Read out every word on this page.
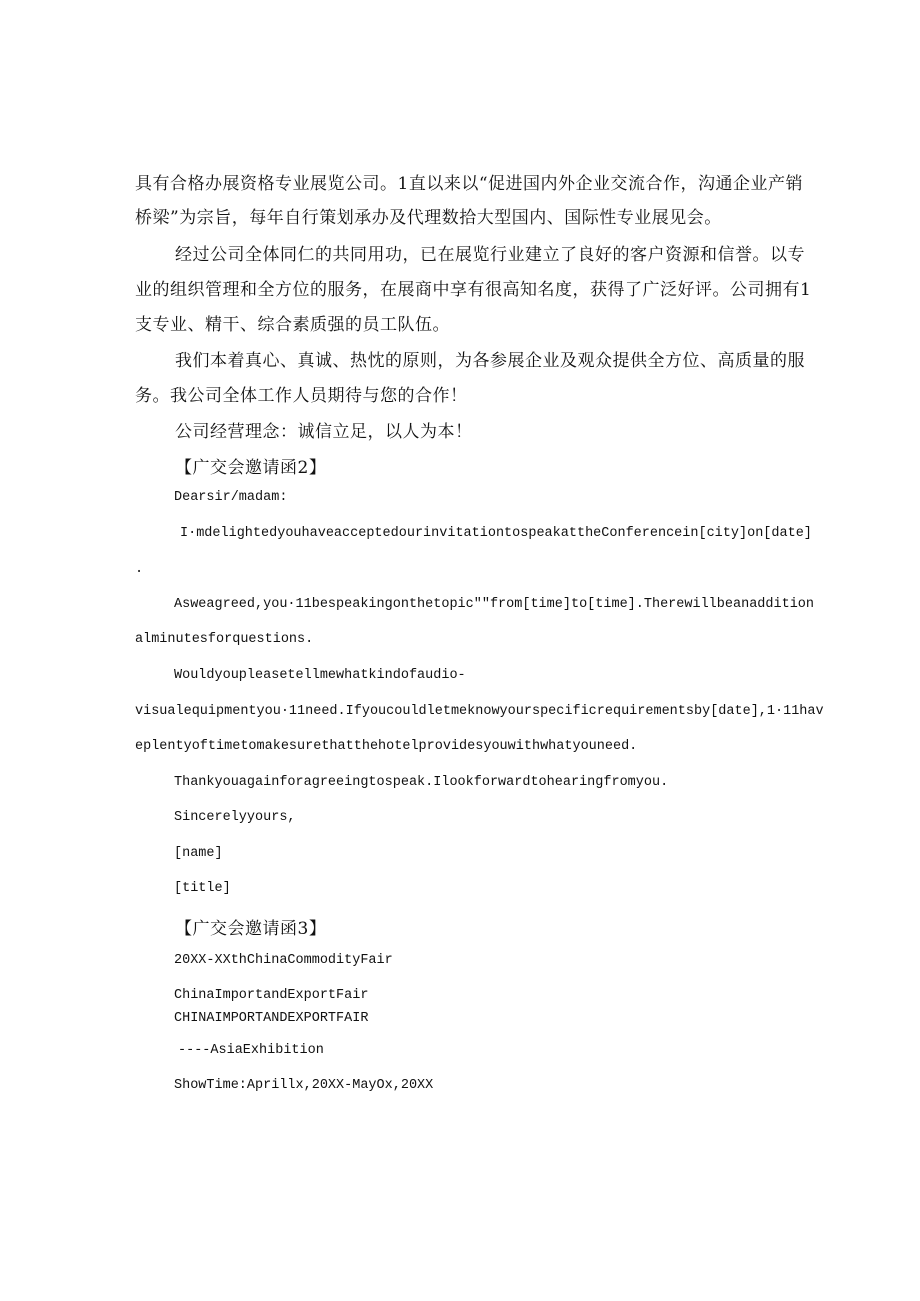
具有合格办展资格专业展览公司。1直以来以“促进国内外企业交流合作，沟通企业产销
桥梁”为宗旨，每年自行策划承办及代理数拾大型国内、国际性专业展见会。
经过公司全体同仁的共同用功，已在展览行业建立了良好的客户资源和信誉。以专
业的组织管理和全方位的服务，在展商中享有很高知名度，获得了广泛好评。公司拥有1
支专业、精干、综合素质强的员工队伍。
我们本着真心、真诚、热忱的原则，为各参展企业及观众提供全方位、高质量的服
务。我公司全体工作人员期待与您的合作！
公司经营理念：诚信立足，以人为本！
【广交会邀请函2】
Dearsir/madam:
I·mdelightedyouhaveacceptedourinvitationtospeakattheConferencein[city]on[date]
.
Asweagreed,you·11bespeakingonthetopic""from[time]to[time].Therewillbeanaddition
alminutesforquestions.
Wouldyoupleasetellmewhatkindofaudio-
visualequipmentyou·11need.Ifyoucouldletmeknowyourspecificrequirementsby[date],1·11hav
eplentyoftimetomakesurethatthehotelprovidesyouwithwhatyouneed.
Thankyouagainforagreeingtospeak.Ilookforwardtohearingfromyou.
Sincerelyyours,
[name]
[title]
【广交会邀请函3】
20XX-XXthChinaCommodityFair
ChinaImportandExportFair
CHINAIMPORTANDEXPORTFAIR
----AsiaExhibition
ShowTime:Aprillx,20XX-MayOx,20XX
